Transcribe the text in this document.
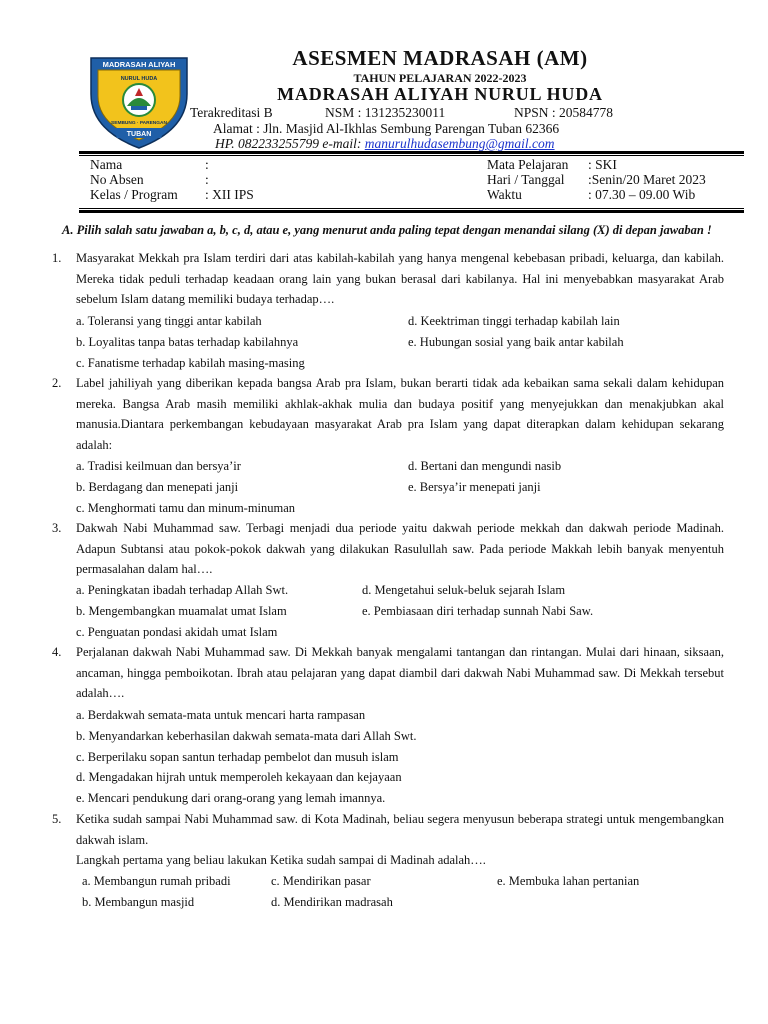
MADRASAH ALIYAH
NURUL HUDA
SEMBUNG · PARENGAN
TUBAN
ASESMEN MADRASAH (AM)
TAHUN PELAJARAN 2022-2023
MADRASAH ALIYAH NURUL HUDA
Terakreditasi B	NSM : 131235230011	NPSN : 20584778
Alamat : Jln. Masjid Al-Ikhlas Sembung Parengan Tuban 62366
HP. 082233255799 e-mail: manurulhudasembung@gmail.com
Nama	:
No Absen	:
Kelas / Program : XII IPS
Mata Pelajaran : SKI
Hari / Tanggal :Senin/20 Maret 2023
Waktu	: 07.30 – 09.00 Wib
A. Pilih salah satu jawaban a, b, c, d, atau e, yang menurut anda paling tepat dengan menandai silang (X) di depan jawaban !
1. Masyarakat Mekkah pra Islam terdiri dari atas kabilah-kabilah yang hanya mengenal kebebasan pribadi, keluarga, dan kabilah. Mereka tidak peduli terhadap keadaan orang lain yang bukan berasal dari kabilanya. Hal ini menyebabkan masyarakat Arab sebelum Islam datang memiliki budaya terhadap….
a. Toleransi yang tinggi antar kabilah	d. Keektriman tinggi terhadap kabilah lain
b. Loyalitas tanpa batas terhadap kabilahnya	e. Hubungan sosial yang baik antar kabilah
c. Fanatisme terhadap kabilah masing-masing
2. Label jahiliyah yang diberikan kepada bangsa Arab pra Islam, bukan berarti tidak ada kebaikan sama sekali dalam kehidupan mereka. Bangsa Arab masih memiliki akhlak-akhak mulia dan budaya positif yang menyejukkan dan menakjubkan akal manusia.Diantara perkembangan kebudayaan masyarakat Arab pra Islam yang dapat diterapkan dalam kehidupan sekarang adalah:
a. Tradisi keilmuan dan bersya’ir	d. Bertani dan mengundi nasib
b. Berdagang dan menepati janji	e. Bersya’ir menepati janji
c. Menghormati tamu dan minum-minuman
3. Dakwah Nabi Muhammad saw. Terbagi menjadi dua periode yaitu dakwah periode mekkah dan dakwah periode Madinah. Adapun Subtansi atau pokok-pokok dakwah yang dilakukan Rasulullah saw. Pada periode Makkah lebih banyak menyentuh permasalahan dalam hal….
a. Peningkatan ibadah terhadap Allah Swt.	d. Mengetahui seluk-beluk sejarah Islam
b. Mengembangkan muamalat umat Islam	e. Pembiasaan diri terhadap sunnah Nabi Saw.
c. Penguatan pondasi akidah umat Islam
4. Perjalanan dakwah Nabi Muhammad saw. Di Mekkah banyak mengalami tantangan dan rintangan. Mulai dari hinaan, siksaan, ancaman, hingga pemboikotan. Ibrah atau pelajaran yang dapat diambil dari dakwah Nabi Muhammad saw. Di Mekkah tersebut adalah….
a. Berdakwah semata-mata untuk mencari harta rampasan
b. Menyandarkan keberhasilan dakwah semata-mata dari Allah Swt.
c. Berperilaku sopan santun terhadap pembelot dan musuh islam
d. Mengadakan hijrah untuk memperoleh kekayaan dan kejayaan
e. Mencari pendukung dari orang-orang yang lemah imannya.
5. Ketika sudah sampai Nabi Muhammad saw. di Kota Madinah, beliau segera menyusun beberapa strategi untuk mengembangkan dakwah islam.
Langkah pertama yang beliau lakukan Ketika sudah sampai di Madinah adalah….
a. Membangun rumah pribadi	c. Mendirikan pasar	e. Membuka lahan pertanian
b. Membangun masjid	d. Mendirikan madrasah
